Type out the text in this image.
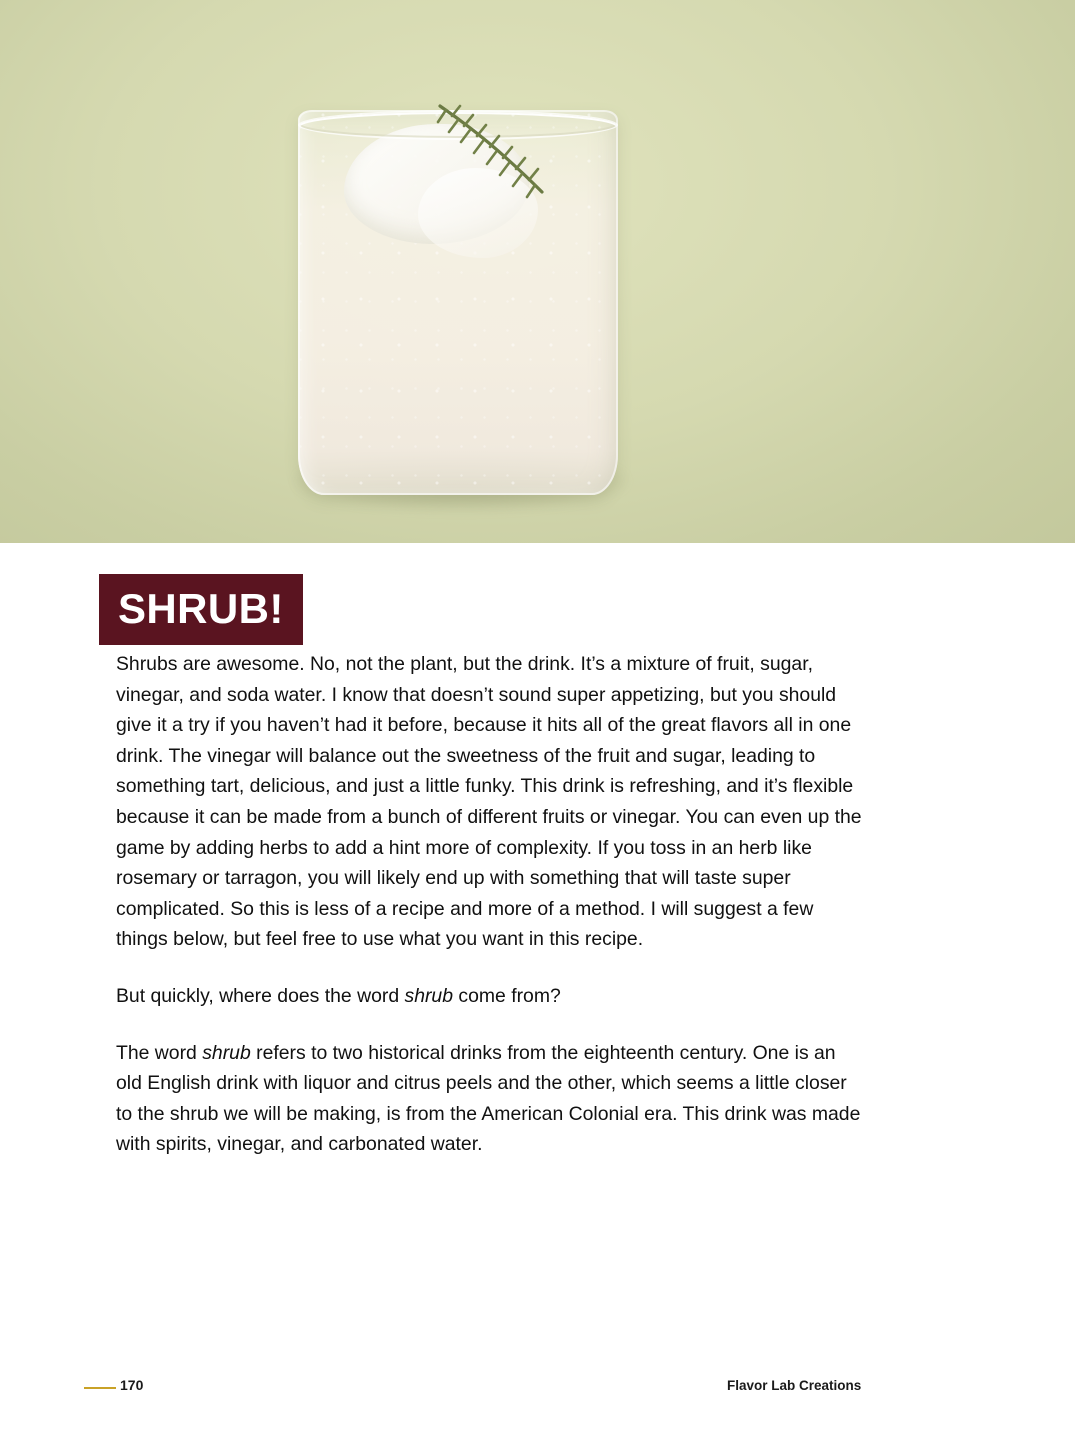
SHRUB!

Shrubs are awesome. No, not the plant, but the drink. It’s a mixture of fruit, sugar, vinegar, and soda water. I know that doesn’t sound super appetizing, but you should give it a try if you haven’t had it before, because it hits all of the great flavors all in one drink. The vinegar will balance out the sweetness of the fruit and sugar, leading to something tart, delicious, and just a little funky. This drink is refreshing, and it’s flexible because it can be made from a bunch of different fruits or vinegar. You can even up the game by adding herbs to add a hint more of complexity. If you toss in an herb like rosemary or tarragon, you will likely end up with something that will taste super complicated. So this is less of a recipe and more of a method. I will suggest a few things below, but feel free to use what you want in this recipe.

But quickly, where does the word shrub come from?

The word shrub refers to two historical drinks from the eighteenth century. One is an old English drink with liquor and citrus peels and the other, which seems a little closer to the shrub we will be making, is from the American Colonial era. This drink was made with spirits, vinegar, and carbonated water.

170	Flavor Lab Creations
